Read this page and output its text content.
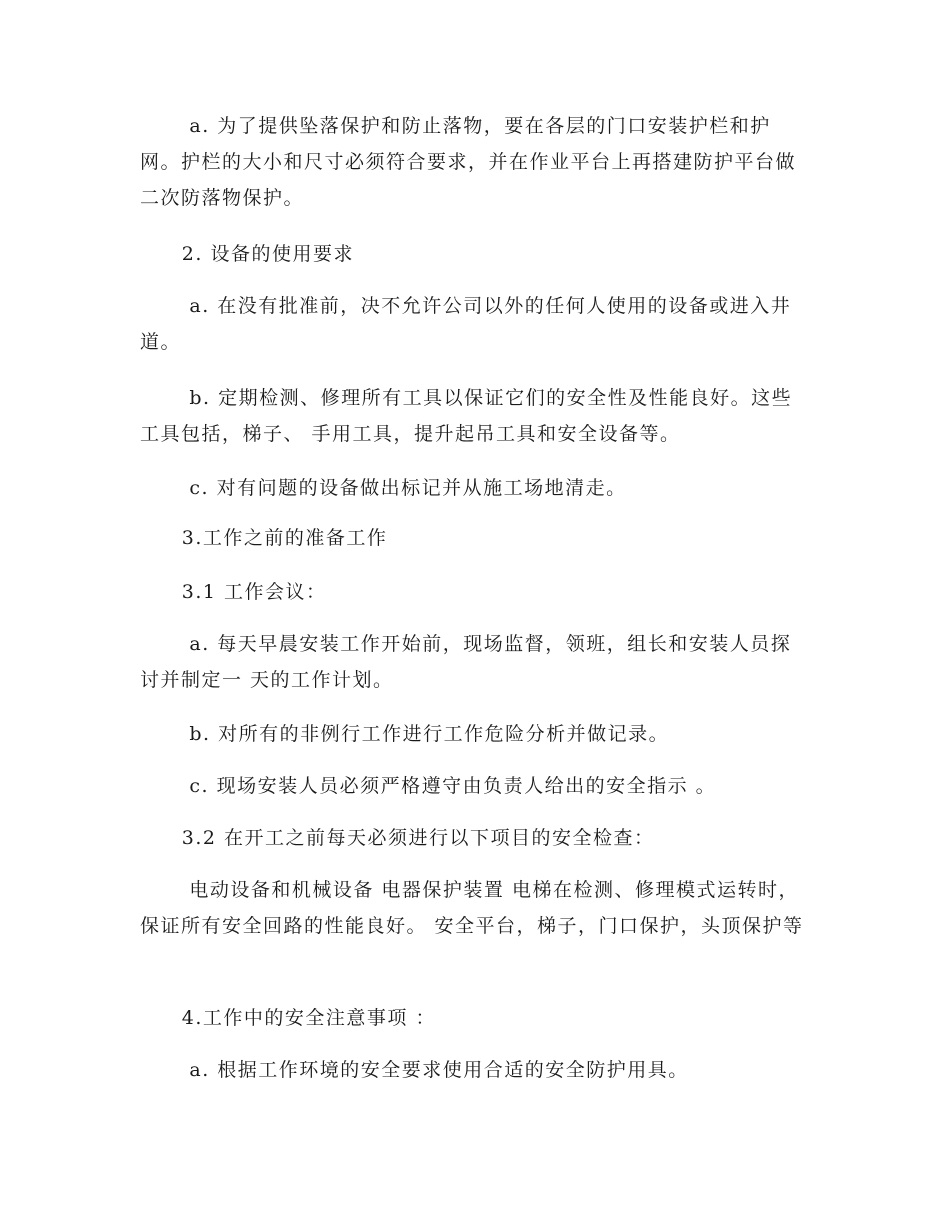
a. 为了提供坠落保护和防止落物，要在各层的门口安装护栏和护网。护栏的大小和尺寸必须符合要求，并在作业平台上再搭建防护平台做二次防落物保护。

2. 设备的使用要求

a. 在没有批准前，决不允许公司以外的任何人使用的设备或进入井道。

b. 定期检测、修理所有工具以保证它们的安全性及性能良好。这些工具包括，梯子、 手用工具，提升起吊工具和安全设备等。

c. 对有问题的设备做出标记并从施工场地清走。

3.工作之前的准备工作

3.1 工作会议：

a. 每天早晨安装工作开始前，现场监督，领班，组长和安装人员探讨并制定一 天的工作计划。

b. 对所有的非例行工作进行工作危险分析并做记录。

c. 现场安装人员必须严格遵守由负责人给出的安全指示 。

3.2 在开工之前每天必须进行以下项目的安全检查：

电动设备和机械设备 电器保护装置 电梯在检测、修理模式运转时，保证所有安全回路的性能良好。 安全平台，梯子，门口保护，头顶保护等

4.工作中的安全注意事项 ：

a. 根据工作环境的安全要求使用合适的安全防护用具。
